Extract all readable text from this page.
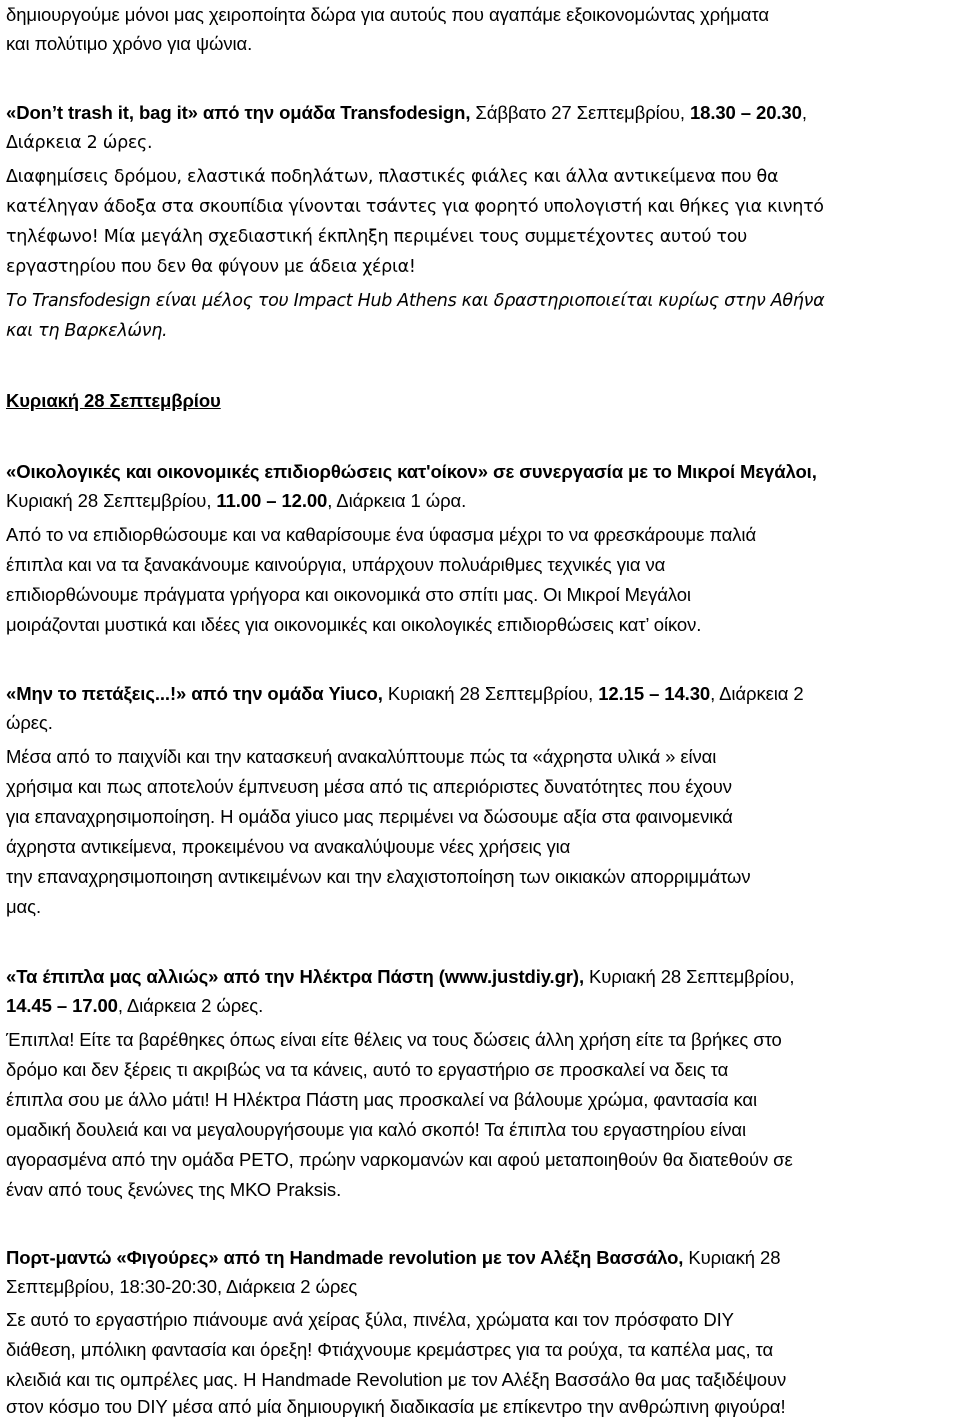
δημιουργούμε μόνοι μας χειροποίητα δώρα για αυτούς που αγαπάμε εξοικονομώντας χρήματα
και πολύτιμο χρόνο για ψώνια.
«Don’t trash it, bag it» από την ομάδα Transfodesign, Σάββατο 27 Σεπτεμβρίου, 18.30 – 20.30,
Διάρκεια 2 ώρες.
Διαφημίσεις δρόμου, ελαστικά ποδηλάτων, πλαστικές φιάλες και άλλα αντικείμενα που θα
κατέληγαν άδοξα στα σκουπίδια γίνονται τσάντες για φορητό υπολογιστή και θήκες για κινητό
τηλέφωνο! Μία μεγάλη σχεδιαστική έκπληξη περιμένει τους συμμετέχοντες αυτού του
εργαστηρίου που δεν θα φύγουν με άδεια χέρια!
Το Transfodesign είναι μέλος του Impact Hub Athens και δραστηριοποιείται κυρίως στην Αθήνα
και τη Βαρκελώνη.
Κυριακή 28 Σεπτεμβρίου
«Οικολογικές και οικονομικές επιδιορθώσεις κατ'οίκον» σε συνεργασία με το Μικροί Μεγάλοι,
Κυριακή 28 Σεπτεμβρίου, 11.00 – 12.00, Διάρκεια 1 ώρα.
Από το να επιδιορθώσουμε και να καθαρίσουμε ένα ύφασμα μέχρι το να φρεσκάρουμε παλιά
έπιπλα και να τα ξανακάνουμε καινούργια, υπάρχουν πολυάριθμες τεχνικές για να
επιδιορθώνουμε πράγματα γρήγορα και οικονομικά στο σπίτι μας. Οι Μικροί Μεγάλοι
μοιράζονται μυστικά και ιδέες για οικονομικές και οικολογικές επιδιορθώσεις κατ’ οίκον.
«Μην το πετάξεις...!» από την ομάδα Yiuco, Κυριακή 28 Σεπτεμβρίου, 12.15 – 14.30, Διάρκεια 2
ώρες.
Μέσα από το παιχνίδι και την κατασκευή ανακαλύπτουμε πώς τα «άχρηστα υλικά » είναι
χρήσιμα και πως αποτελούν έμπνευση μέσα από τις απεριόριστες δυνατότητες που έχουν
για επαναχρησιμοποίηση. Η ομάδα yiuco μας περιμένει να δώσουμε αξία στα φαινομενικά
άχρηστα αντικείμενα, προκειμένου να ανακαλύψουμε νέες χρήσεις για
την επαναχρησιμοποιηση αντικειμένων και την ελαχιστοποίηση των οικιακών απορριμμάτων
μας.
«Τα έπιπλα μας αλλιώς» από την Ηλέκτρα Πάστη (www.justdiy.gr), Κυριακή 28 Σεπτεμβρίου,
14.45 – 17.00, Διάρκεια 2 ώρες.
Έπιπλα! Είτε τα βαρέθηκες όπως είναι είτε θέλεις να τους δώσεις άλλη χρήση είτε τα βρήκες στο
δρόμο και δεν ξέρεις τι ακριβώς να τα κάνεις, αυτό το εργαστήριο σε προσκαλεί να δεις τα
έπιπλα σου με άλλο μάτι! Η Ηλέκτρα Πάστη μας προσκαλεί να βάλουμε χρώμα, φαντασία και
ομαδική δουλειά και να μεγαλουργήσουμε για καλό σκοπό! Τα έπιπλα του εργαστηρίου είναι
αγορασμένα από την ομάδα PETO, πρώην ναρκομανών και αφού μεταποιηθούν θα διατεθούν σε
έναν από τους ξενώνες της ΜΚΟ Praksis.
Πορτ-μαντώ «Φιγούρες» από τη Handmade revolution με τον Αλέξη Βασσάλο, Κυριακή 28
Σεπτεμβρίου, 18:30-20:30, Διάρκεια 2 ώρες
Σε αυτό το εργαστήριο πιάνουμε ανά χείρας ξύλα, πινέλα, χρώματα και τον πρόσφατο DIY
διάθεση, μπόλικη φαντασία και όρεξη! Φτιάχνουμε κρεμάστρες για τα ρούχα, τα καπέλα μας, τα
κλειδιά και τις ομπρέλες μας. Η Handmade Revolution με τον Αλέξη Βασσάλο θα μας ταξιδέψουν
στον κόσμο του DIY μέσα από μία δημιουργική διαδικασία με επίκεντρο την ανθρώπινη φιγούρα!
